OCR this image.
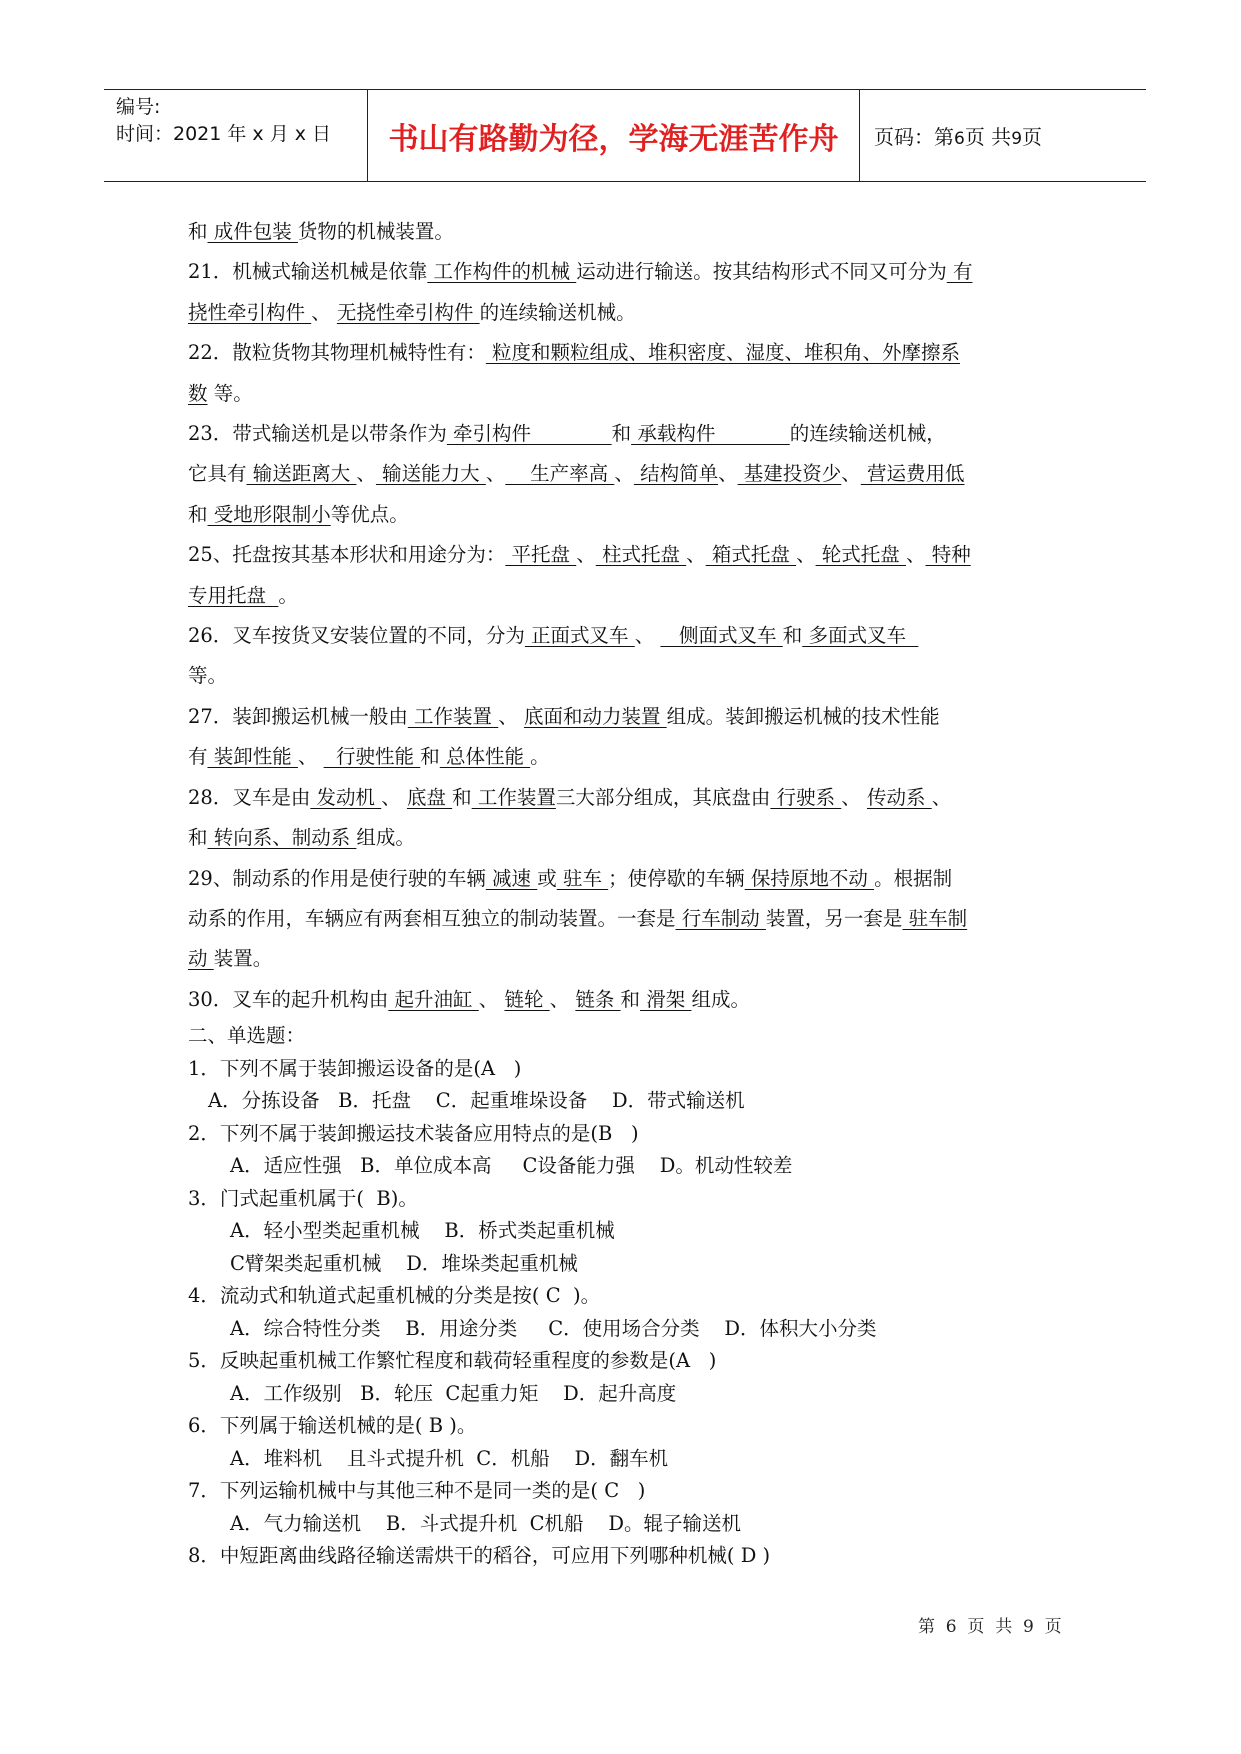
编号:
时间：2021 年 x 月 x 日	书山有路勤为径，学海无涯苦作舟 页码：第6页 共9页

和 成件包装 货物的机械装置。

21．机械式输送机械是依靠 工作构件的机械 运动进行输送。按其结构形式不同又可分为 有
挠性牵引构件 、 无挠性牵引构件 的连续输送机械。

22．散粒货物其物理机械特性有： 粒度和颗粒组成、堆积密度、湿度、堆积角、外摩擦系
数 等。

23．带式输送机是以带条作为 牵引构件             和 承载构件            的连续输送机械，
它具有 输送距离大 、 输送能力大 、    生产率高 、 结构简单、 基建投资少、 营运费用低
和 受地形限制小等优点。

25、托盘按其基本形状和用途分为： 平托盘 、 柱式托盘 、 箱式托盘 、 轮式托盘 、 特种
专用托盘  。

26．叉车按货叉安装位置的不同，分为 正面式叉车 、    侧面式叉车 和 多面式叉车
等。

27．装卸搬运机械一般由 工作装置 、 底面和动力装置 组成。装卸搬运机械的技术性能
有 装卸性能 、   行驶性能 和 总体性能 。

28．叉车是由 发动机 、 底盘 和 工作装置三大部分组成，其底盘由 行驶系 、 传动系 、
和 转向系、制动系 组成。

29、制动系的作用是使行驶的车辆 减速 或 驻车 ；使停歇的车辆 保持原地不动 。根据制
动系的作用，车辆应有两套相互独立的制动装置。一套是 行车制动 装置，另一套是 驻车制
动 装置。

30．叉车的起升机构由 起升油缸 、 链轮 、 链条 和 滑架 组成。

二、单选题：

1．下列不属于装卸搬运设备的是(A   )

A．分拣设备   B．托盘    C．起重堆垛设备    D．带式输送机

2．下列不属于装卸搬运技术装备应用特点的是(B   )

A．适应性强   B．单位成本高     C设备能力强    D。机动性较差

3．门式起重机属于(  B)。

A．轻小型类起重机械    B．桥式类起重机械

C臂架类起重机械    D．堆垛类起重机械

4．流动式和轨道式起重机械的分类是按( C  )。

A．综合特性分类    B．用途分类     C．使用场合分类    D．体积大小分类

5．反映起重机械工作繁忙程度和载荷轻重程度的参数是(A   )

A．工作级别   B．轮压  C起重力矩    D．起升高度

6．下列属于输送机械的是( B )。

A．堆料机    且斗式提升机  C．机船    D．翻车机

7．下列运输机械中与其他三种不是同一类的是( C   )

A．气力输送机    B．斗式提升机  C机船    D。辊子输送机

8．中短距离曲线路径输送需烘干的稻谷，可应用下列哪种机械( D )

第  6  页  共  9  页
